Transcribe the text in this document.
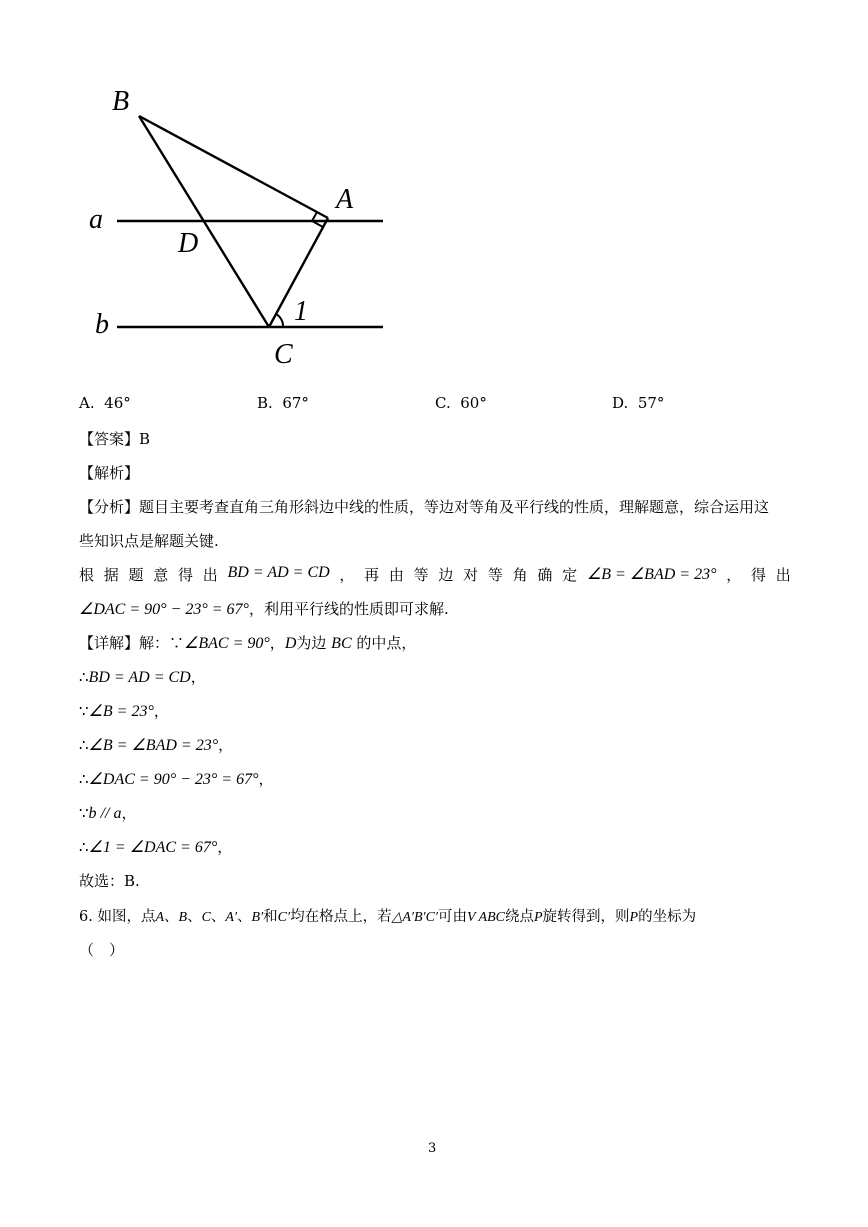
B
A
a
D
b	1
C
A. 46°	B. 67°	C. 60°	D. 57°
【答案】B
【解析】
【分析】题目主要考查直角三角形斜边中线的性质，等边对等角及平行线的性质，理解题意，综合运用这
些知识点是解题关键.
根 据 题 意 得 出 BD = AD = CD ， 再 由 等 边 对 等 角 确 定 ∠B = ∠BAD = 23° ， 得 出
∠DAC = 90° − 23° = 67°，利用平行线的性质即可求解.
【详解】解：∵∠BAC = 90°，D为边 BC 的中点，
∴BD = AD = CD，
∵∠B = 23°，
∴∠B = ∠BAD = 23°，
∴∠DAC = 90° − 23° = 67°，
∵b // a，
∴∠1 = ∠DAC = 67°，
故选：B.
6. 如图，点A、B、C、A′、B′和C′均在格点上，若△A′B′C′可由V ABC绕点P旋转得到，则P的坐标为
（　）
3
